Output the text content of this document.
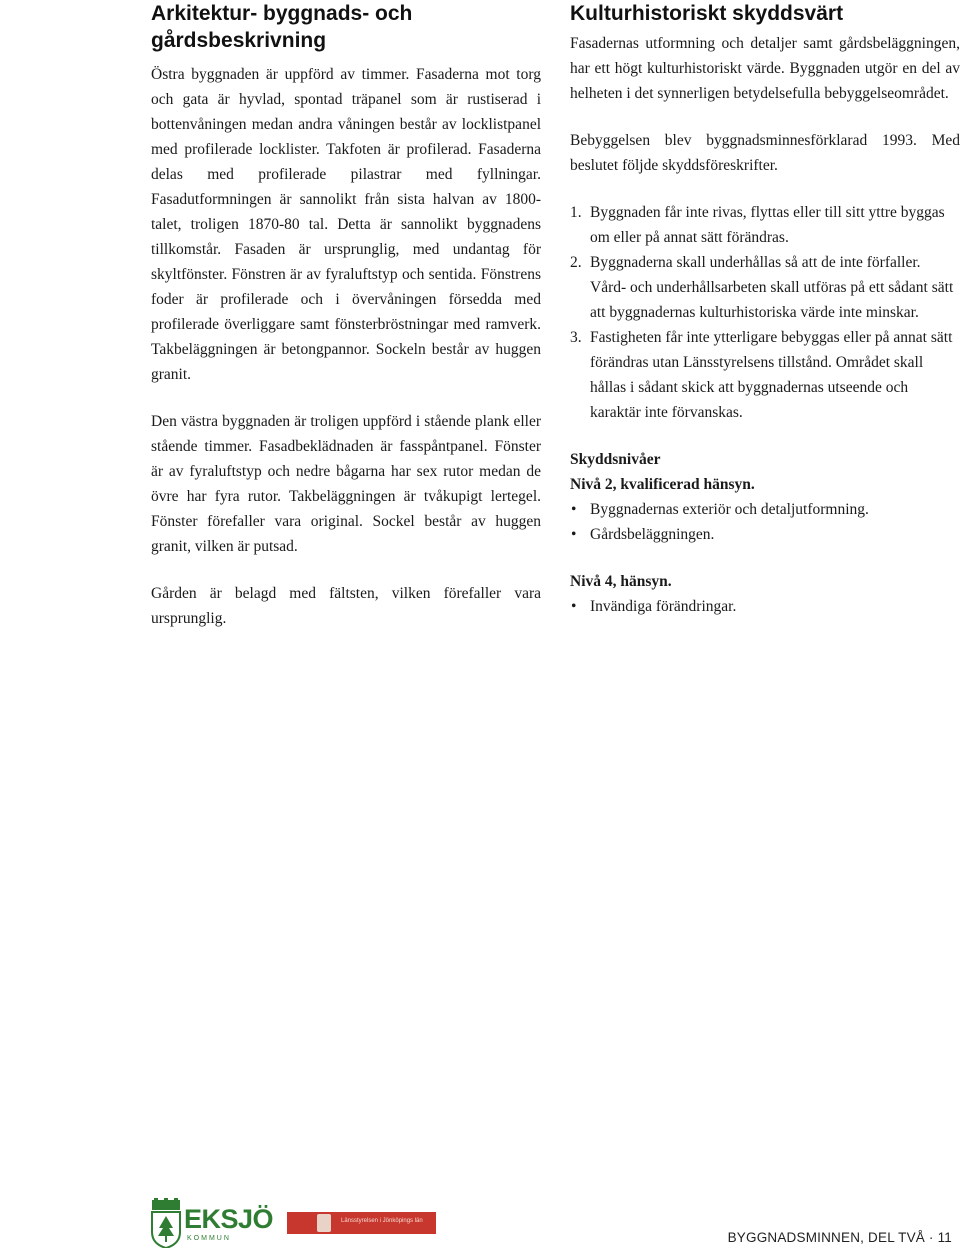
Arkitektur- byggnads- och gårdsbeskrivning

Östra byggnaden är uppförd av timmer. Fasaderna mot torg och gata är hyvlad, spontad träpanel som är rustiserad i bottenvåningen medan andra våningen består av locklistpanel med profilerade locklister. Takfoten är profilerad. Fasaderna delas med profilerade pilastrar med fyllningar. Fasadutformningen är sannolikt från sista halvan av 1800-talet, troligen 1870-80 tal. Detta är sannolikt byggnadens tillkomstår. Fasaden är ursprunglig, med undantag för skyltfönster. Fönstren är av fyraluftstyp och sentida. Fönstrens foder är profilerade och i övervåningen försedda med profilerade överliggare samt fönsterbröstningar med ramverk. Takbeläggningen är betongpannor. Sockeln består av huggen granit.

Den västra byggnaden är troligen uppförd i stående plank eller stående timmer. Fasadbeklädnaden är fasspåntpanel. Fönster är av fyraluftstyp och nedre bågarna har sex rutor medan de övre har fyra rutor. Takbeläggningen är tvåkupigt lertegel. Fönster förefaller vara original. Sockel består av huggen granit, vilken är putsad.

Gården är belagd med fältsten, vilken förefaller vara ursprunglig.

Kulturhistoriskt skyddsvärt

Fasadernas utformning och detaljer samt gårdsbeläggningen, har ett högt kulturhistoriskt värde. Byggnaden utgör en del av helheten i det synnerligen betydelsefulla bebyggelseområdet.

Bebyggelsen blev byggnadsminnesförklarad 1993. Med beslutet följde skyddsföreskrifter.

1. Byggnaden får inte rivas, flyttas eller till sitt yttre byggas om eller på annat sätt förändras.
2. Byggnaderna skall underhållas så att de inte förfaller. Vård- och underhållsarbeten skall utföras på ett sådant sätt att byggnadernas kulturhistoriska värde inte minskar.
3. Fastigheten får inte ytterligare bebyggas eller på annat sätt förändras utan Länsstyrelsens tillstånd. Området skall hållas i sådant skick att byggnadernas utseende och karaktär inte förvanskas.
Skyddsnivåer
Nivå 2, kvalificerad hänsyn.
• Byggnadernas exteriör och detaljutformning.
• Gårdsbeläggningen.
Nivå 4, hänsyn.
• Invändiga förändringar.
EKSJÖ
KOMMUN
Länsstyrelsen i Jönköpings län
BYGGNADSMINNEN, DEL TVÅ · 11
